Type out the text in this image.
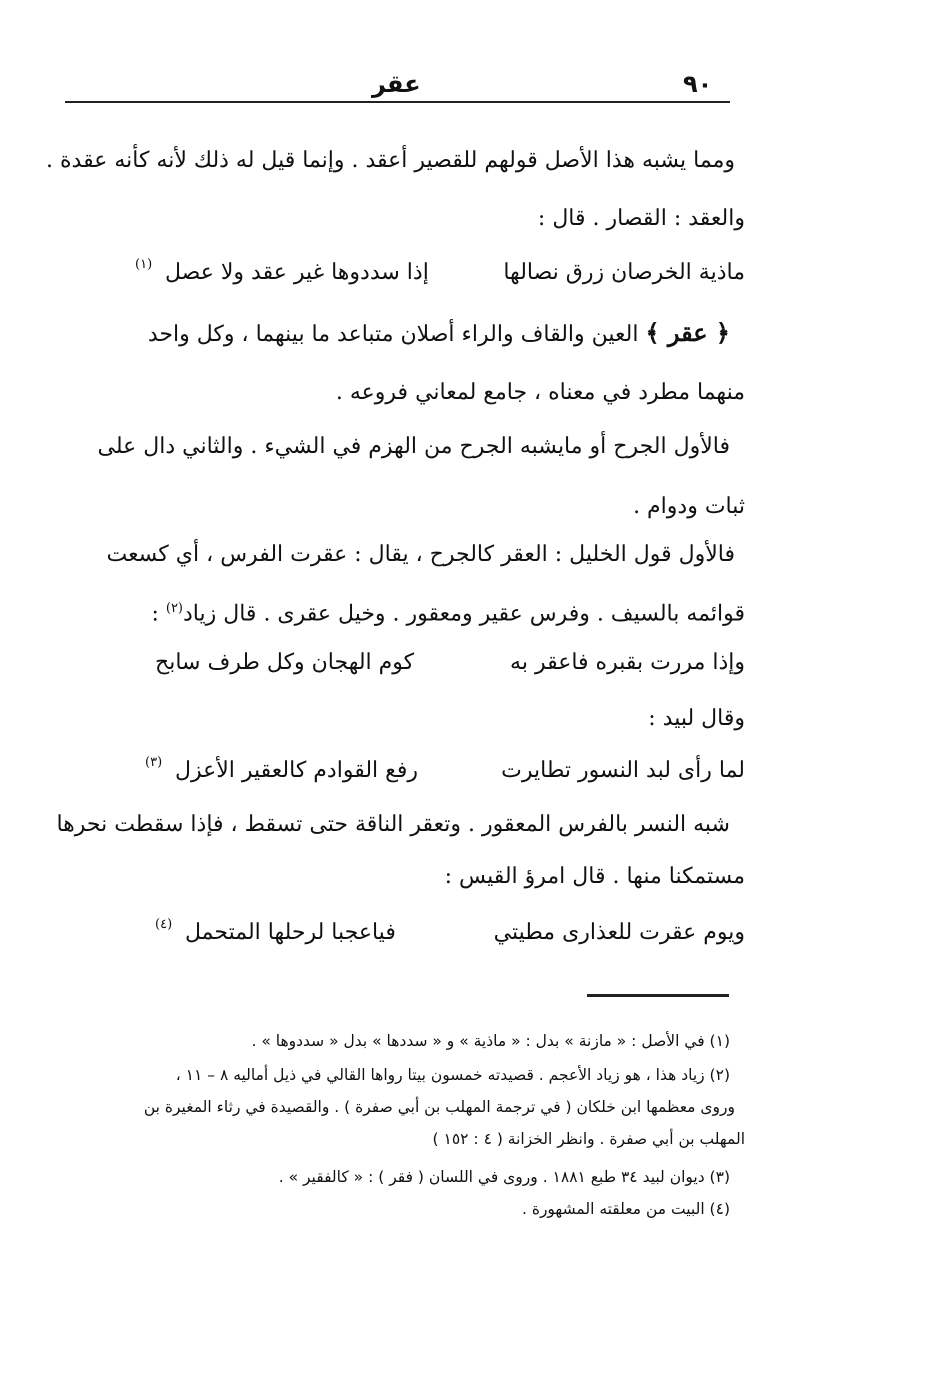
٩٠
عقر
ومما يشبه هذا الأصل قولهم للقصير أعقد . وإنما قيل له ذلك لأنه كأنه عقدة .
والعقد : القصار . قال :
ماذية الخرصان زرق نصالها
إذا سددوها غير عقد ولا عصل
(١)
﴿ عقر ﴾ العين والقاف والراء أصلان متباعد ما بينهما ، وكل واحد
منهما مطرد في معناه ، جامع لمعاني فروعه .
فالأول الجرح أو مايشبه الجرح من الهزم في الشيء . والثاني دال على
ثبات ودوام .
فالأول قول الخليل : العقر كالجرح ، يقال : عقرت الفرس ، أي كسعت
قوائمه بالسيف . وفرس عقير ومعقور . وخيل عقرى . قال زياد$^{(٢)}$ :
وإذا مررت بقبره فاعقر به
كوم الهجان وكل طرف سابح
وقال لبيد :
لما رأى لبد النسور تطايرت
رفع القوادم كالعقير الأعزل
(٣)
شبه النسر بالفرس المعقور . وتعقر الناقة حتى تسقط ، فإذا سقطت نحرها
مستمكنا منها . قال امرؤ القيس :
ويوم عقرت للعذارى مطيتي
فياعجبا لرحلها المتحمل
(٤)
(١) في الأصل : « مازنة » بدل : « ماذية » و « سددها » بدل « سددوها » .
(٢) زياد هذا ، هو زياد الأعجم . قصيدته خمسون بيتا رواها القالي في ذيل أماليه ٨ – ١١ ،
وروى معظمها ابن خلكان ( في ترجمة المهلب بن أبي صفرة ) . والقصيدة في رثاء المغيرة بن
المهلب بن أبي صفرة . وانظر الخزانة ( ٤ : ١٥٢ )
(٣) ديوان لبيد ٣٤ طبع ١٨٨١ . وروى في اللسان ( فقر ) : « كالفقير » .
(٤) البيت من معلقته المشهورة .
